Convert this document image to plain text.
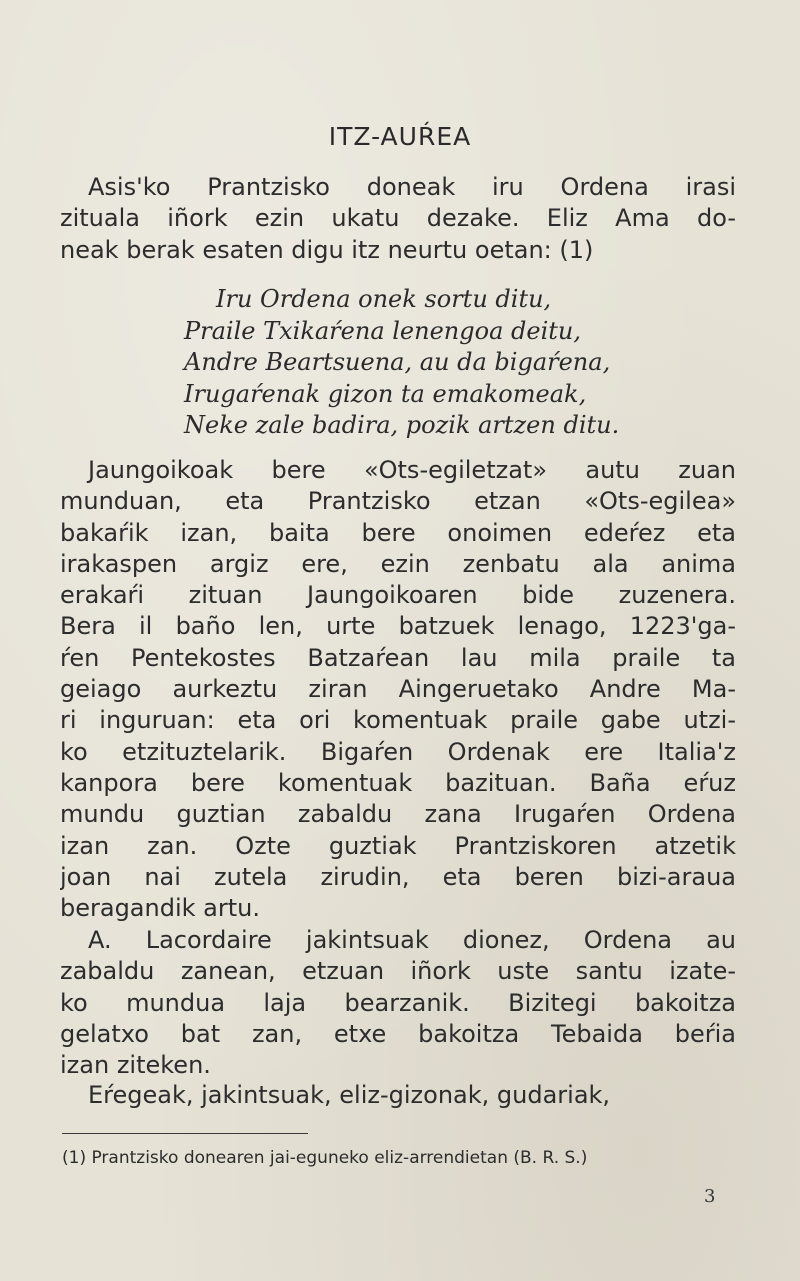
ITZ-AUŔEA
Asis'ko Prantzisko doneak iru Ordena irasi
zituala iñork ezin ukatu dezake. Eliz Ama do-
neak berak esaten digu itz neurtu oetan: (1)
Iru Ordena onek sortu ditu,
Praile Txikaŕena lenengoa deitu,
Andre Beartsuena, au da bigaŕena,
Irugaŕenak gizon ta emakomeak,
Neke zale badira, pozik artzen ditu.
Jaungoikoak bere «Ots-egiletzat» autu zuan
munduan, eta Prantzisko etzan «Ots-egilea»
bakaŕik izan, baita bere onoimen edeŕez eta
irakaspen argiz ere, ezin zenbatu ala anima
erakaŕi zituan Jaungoikoaren bide zuzenera.
Bera il baño len, urte batzuek lenago, 1223'ga-
ŕen Pentekostes Batzaŕean lau mila praile ta
geiago aurkeztu ziran Aingeruetako Andre Ma-
ri inguruan: eta ori komentuak praile gabe utzi-
ko etzituztelarik. Bigaŕen Ordenak ere Italia'z
kanpora bere komentuak bazituan. Baña eŕuz
mundu guztian zabaldu zana Irugaŕen Ordena
izan zan. Ozte guztiak Prantziskoren atzetik
joan nai zutela zirudin, eta beren bizi-araua
beragandik artu.
A. Lacordaire jakintsuak dionez, Ordena au
zabaldu zanean, etzuan iñork uste santu izate-
ko mundua laja bearzanik. Bizitegi bakoitza
gelatxo bat zan, etxe bakoitza Tebaida beŕia
izan ziteken.
Eŕegeak, jakintsuak, eliz-gizonak, gudariak,
(1) Prantzisko donearen jai-eguneko eliz-arrendietan (B. R. S.)
3
